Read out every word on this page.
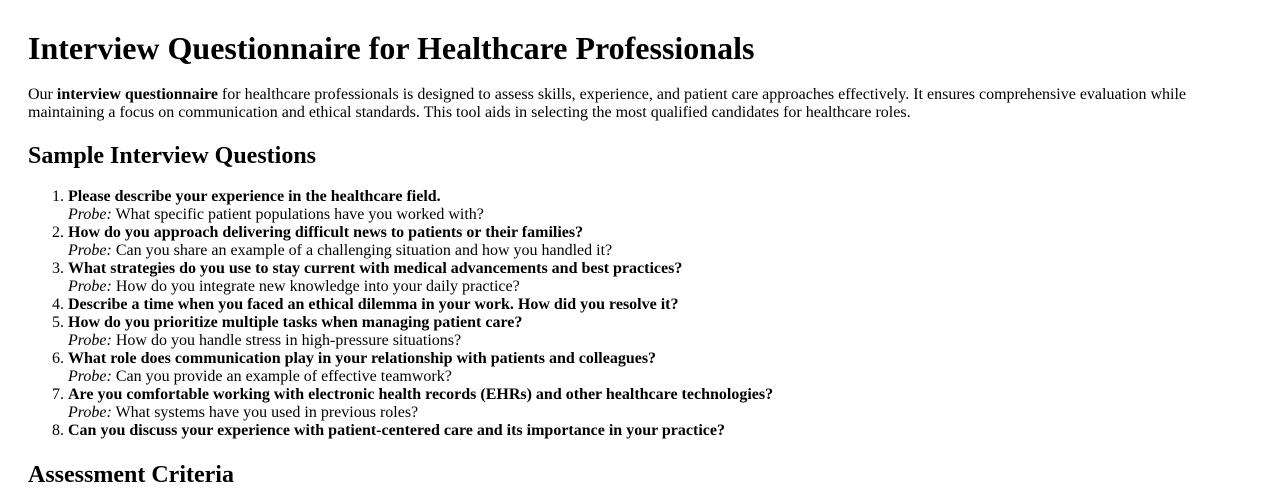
Interview Questionnaire for Healthcare Professionals

Our interview questionnaire for healthcare professionals is designed to assess skills, experience, and patient care approaches effectively. It ensures comprehensive evaluation while maintaining a focus on communication and ethical standards. This tool aids in selecting the most qualified candidates for healthcare roles.

Sample Interview Questions
1. Please describe your experience in the healthcare field.
Probe: What specific patient populations have you worked with?
2. How do you approach delivering difficult news to patients or their families?
Probe: Can you share an example of a challenging situation and how you handled it?
3. What strategies do you use to stay current with medical advancements and best practices?
Probe: How do you integrate new knowledge into your daily practice?
4. Describe a time when you faced an ethical dilemma in your work. How did you resolve it?
5. How do you prioritize multiple tasks when managing patient care?
Probe: How do you handle stress in high-pressure situations?
6. What role does communication play in your relationship with patients and colleagues?
Probe: Can you provide an example of effective teamwork?
7. Are you comfortable working with electronic health records (EHRs) and other healthcare technologies?
Probe: What systems have you used in previous roles?
8. Can you discuss your experience with patient-centered care and its importance in your practice?
Assessment Criteria
